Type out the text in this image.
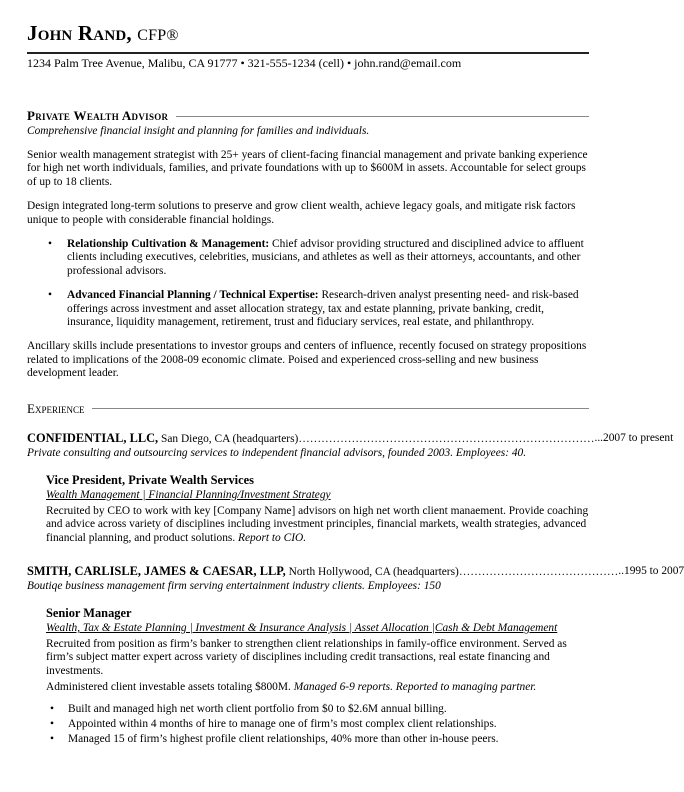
John Rand, CFP®
1234 Palm Tree Avenue, Malibu, CA 91777 • 321-555-1234 (cell) • john.rand@email.com
Private Wealth Advisor
Comprehensive financial insight and planning for families and individuals.

Senior wealth management strategist with 25+ years of client-facing financial management and private banking experience for high net worth individuals, families, and private foundations with up to $600M in assets. Accountable for select groups of up to 18 clients.

Design integrated long-term solutions to preserve and grow client wealth, achieve legacy goals, and mitigate risk factors unique to people with considerable financial holdings.

• Relationship Cultivation & Management: Chief advisor providing structured and disciplined advice to affluent clients including executives, celebrities, musicians, and athletes as well as their attorneys, accountants, and other professional advisors.
• Advanced Financial Planning / Technical Expertise: Research-driven analyst presenting need- and risk-based offerings across investment and asset allocation strategy, tax and estate planning, private banking, credit, insurance, liquidity management, retirement, trust and fiduciary services, real estate, and philanthropy.

Ancillary skills include presentations to investor groups and centers of influence, recently focused on strategy propositions related to implications of the 2008-09 economic climate. Poised and experienced cross-selling and new business development leader.

Experience
CONFIDENTIAL, LLC, San Diego, CA (headquarters)…………………………………………………………………… ...2007 to present
Private consulting and outsourcing services to independent financial advisors, founded 2003. Employees: 40.
Vice President, Private Wealth Services
Wealth Management | Financial Planning/Investment Strategy

Recruited by CEO to work with key [Company Name] advisors on high net worth client manaement. Provide coaching and advice across variety of disciplines including investment principles, financial markets, wealth strategies, advanced financial planning, and product solutions. Report to CIO.

SMITH, CARLISLE, JAMES & CAESAR, LLP, North Hollywood, CA (headquarters)…………………………………… ..1995 to 2007
Boutiqe business management firm serving entertainment industry clients. Employees: 150
Senior Manager
Wealth, Tax & Estate Planning | Investment & Insurance Analysis | Asset Allocation |Cash & Debt Management

Recruited from position as firm’s banker to strengthen client relationships in family-office environment. Served as firm’s subject matter expert across variety of disciplines including credit transactions, real estate financing and investments.

Administered client investable assets totaling $800M. Managed 6-9 reports. Reported to managing partner.

• Built and managed high net worth client portfolio from $0 to $2.6M annual billing.
• Appointed within 4 months of hire to manage one of firm’s most complex client relationships.
• Managed 15 of firm’s highest profile client relationships, 40% more than other in-house peers.
